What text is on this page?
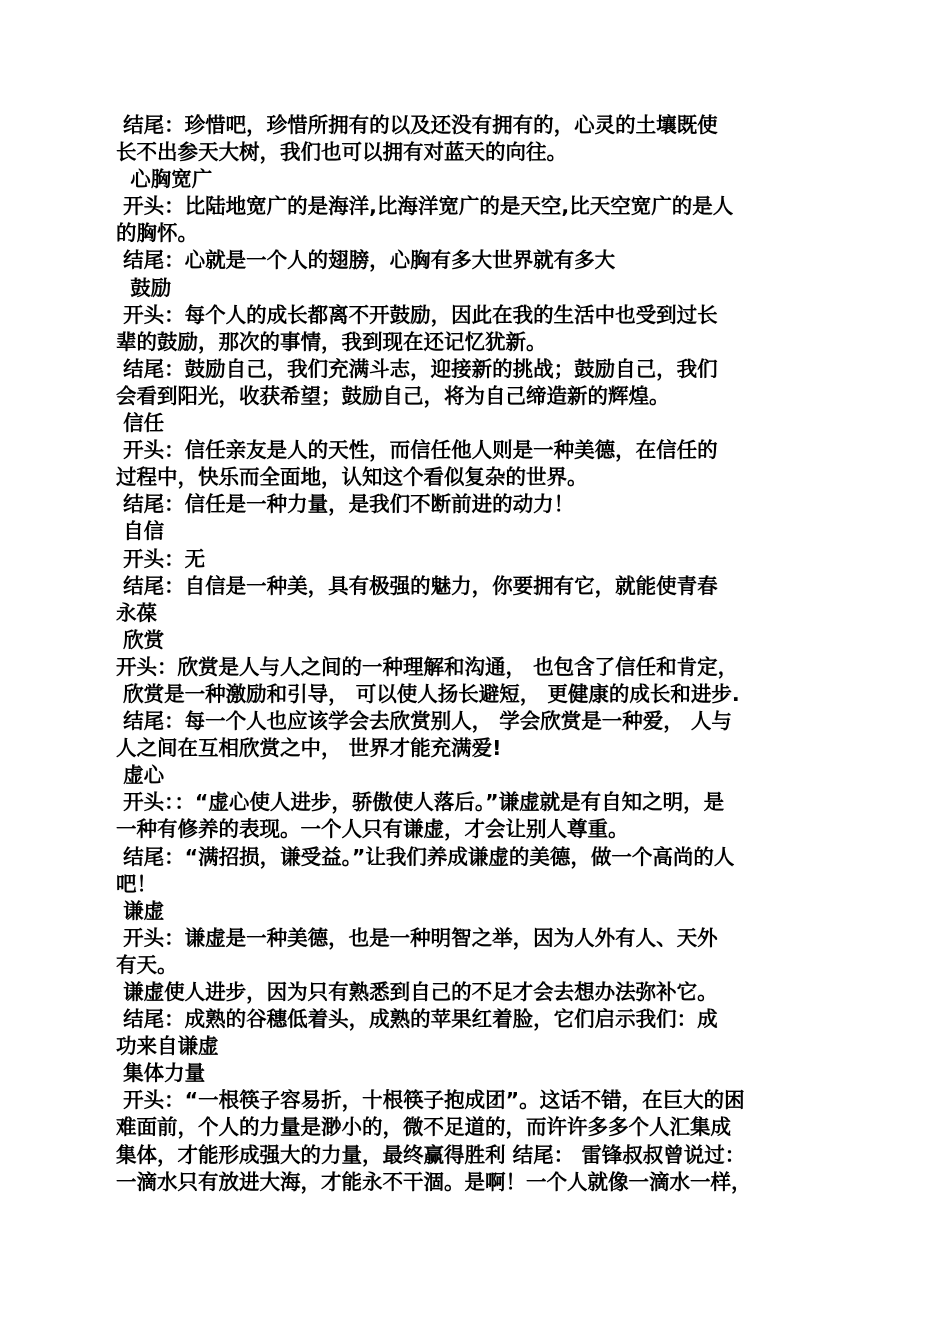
结尾：珍惜吧，珍惜所拥有的以及还没有拥有的，心灵的土壤既使
长不出参天大树，我们也可以拥有对蓝天的向往。
心胸宽广
开头：比陆地宽广的是海洋,比海洋宽广的是天空,比天空宽广的是人
的胸怀。
结尾：心就是一个人的翅膀，心胸有多大世界就有多大
鼓励
开头：每个人的成长都离不开鼓励，因此在我的生活中也受到过长
辈的鼓励，那次的事情，我到现在还记忆犹新。
结尾：鼓励自己，我们充满斗志，迎接新的挑战；鼓励自己，我们
会看到阳光，收获希望；鼓励自己，将为自己缔造新的辉煌。
信任
开头：信任亲友是人的天性，而信任他人则是一种美德，在信任的
过程中，快乐而全面地，认知这个看似复杂的世界。
结尾：信任是一种力量，是我们不断前进的动力！
自信
开头：无
结尾：自信是一种美，具有极强的魅力，你要拥有它，就能使青春
永葆
欣赏
开头：欣赏是人与人之间的一种理解和沟通， 也包含了信任和肯定，
欣赏是一种激励和引导， 可以使人扬长避短， 更健康的成长和进步.
结尾：每一个人也应该学会去欣赏别人， 学会欣赏是一种爱， 人与
人之间在互相欣赏之中， 世界才能充满爱!
虚心
开头：：“虚心使人进步，骄傲使人落后。”谦虚就是有自知之明，是
一种有修养的表现。一个人只有谦虚，才会让别人尊重。
结尾：“满招损，谦受益。”让我们养成谦虚的美德，做一个高尚的人
吧！
谦虚
开头：谦虚是一种美德，也是一种明智之举，因为人外有人、天外
有天。
谦虚使人进步，因为只有熟悉到自己的不足才会去想办法弥补它。
结尾：成熟的谷穗低着头，成熟的苹果红着脸，它们启示我们：成
功来自谦虚
集体力量
开头：“一根筷子容易折，十根筷子抱成团”。这话不错，在巨大的困
难面前，个人的力量是渺小的，微不足道的，而许许多多个人汇集成
集体，才能形成强大的力量，最终赢得胜利 结尾： 雷锋叔叔曾说过：
一滴水只有放进大海，才能永不干涸。是啊！一个人就像一滴水一样，
